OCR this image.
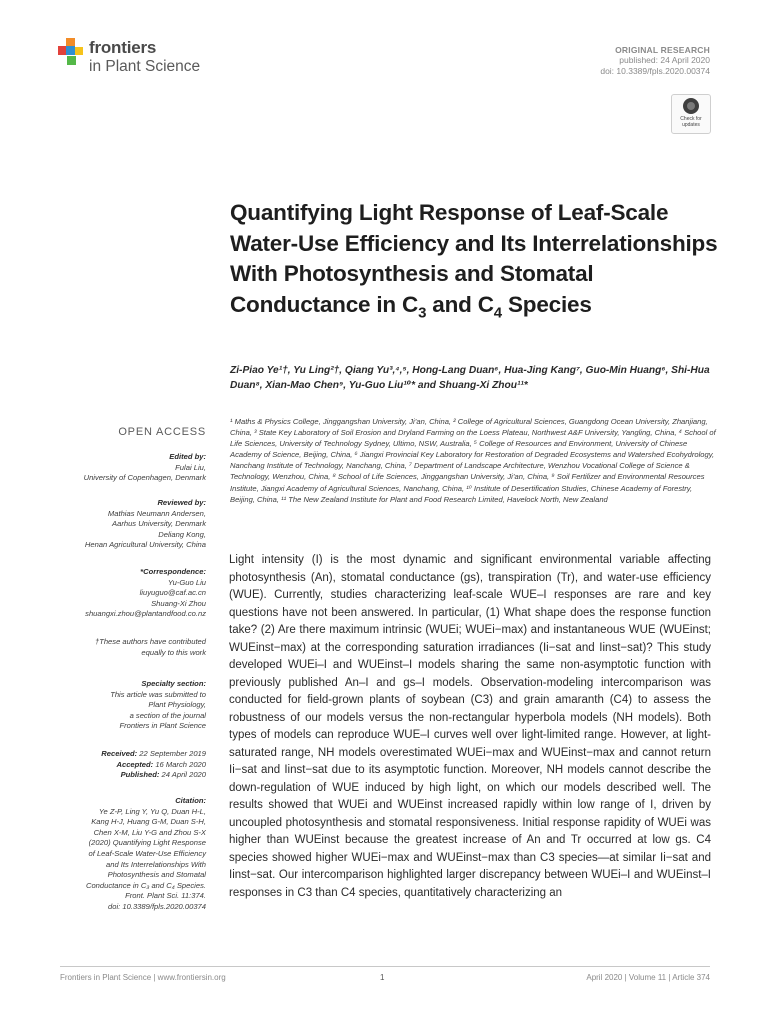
frontiers
in Plant Science
ORIGINAL RESEARCH
published: 24 April 2020
doi: 10.3389/fpls.2020.00374
Check for updates
Quantifying Light Response of Leaf-Scale Water-Use Efficiency and Its Interrelationships With Photosynthesis and Stomatal Conductance in $C_3$ and $C_4$ Species
Zi-Piao Ye¹†, Yu Ling²†, Qiang Yu³,⁴,⁵, Hong-Lang Duan⁶, Hua-Jing Kang⁷, Guo-Min Huang⁶, Shi-Hua Duan⁸, Xian-Mao Chen⁹, Yu-Guo Liu¹⁰* and Shuang-Xi Zhou¹¹*
¹ Maths & Physics College, Jinggangshan University, Ji’an, China, ² College of Agricultural Sciences, Guangdong Ocean University, Zhanjiang, China, ³ State Key Laboratory of Soil Erosion and Dryland Farming on the Loess Plateau, Northwest A&F University, Yangling, China, ⁴ School of Life Sciences, University of Technology Sydney, Ultimo, NSW, Australia, ⁵ College of Resources and Environment, University of Chinese Academy of Science, Beijing, China, ⁶ Jiangxi Provincial Key Laboratory for Restoration of Degraded Ecosystems and Watershed Ecohydrology, Nanchang Institute of Technology, Nanchang, China, ⁷ Department of Landscape Architecture, Wenzhou Vocational College of Science & Technology, Wenzhou, China, ⁸ School of Life Sciences, Jinggangshan University, Ji’an, China, ⁹ Soil Fertilizer and Environmental Resources Institute, Jiangxi Academy of Agricultural Sciences, Nanchang, China, ¹⁰ Institute of Desertification Studies, Chinese Academy of Forestry, Beijing, China, ¹¹ The New Zealand Institute for Plant and Food Research Limited, Havelock North, New Zealand
OPEN ACCESS
Edited by:
Fulai Liu,
University of Copenhagen, Denmark
Reviewed by:
Mathias Neumann Andersen,
Aarhus University, Denmark
Deliang Kong,
Henan Agricultural University, China
*Correspondence:
Yu-Guo Liu
liuyuguo@caf.ac.cn
Shuang-Xi Zhou
shuangxi.zhou@plantandfood.co.nz
†These authors have contributed
equally to this work
Specialty section:
This article was submitted to
Plant Physiology,
a section of the journal
Frontiers in Plant Science
Received: 22 September 2019
Accepted: 16 March 2020
Published: 24 April 2020
Citation:
Ye Z-P, Ling Y, Yu Q, Duan H-L,
Kang H-J, Huang G-M, Duan S-H,
Chen X-M, Liu Y-G and Zhou S-X
(2020) Quantifying Light Response
of Leaf-Scale Water-Use Efficiency
and Its Interrelationships With
Photosynthesis and Stomatal
Conductance in C₃ and C₄ Species.
Front. Plant Sci. 11:374.
doi: 10.3389/fpls.2020.00374

Light intensity (I) is the most dynamic and significant environmental variable affecting photosynthesis (An), stomatal conductance (gs), transpiration (Tr), and water-use efficiency (WUE). Currently, studies characterizing leaf-scale WUE–I responses are rare and key questions have not been answered. In particular, (1) What shape does the response function take? (2) Are there maximum intrinsic (WUEi; WUEi−max) and instantaneous WUE (WUEinst; WUEinst−max) at the corresponding saturation irradiances (Ii−sat and Iinst−sat)? This study developed WUEi–I and WUEinst–I models sharing the same non-asymptotic function with previously published An–I and gs–I models. Observation-modeling intercomparison was conducted for field-grown plants of soybean (C3) and grain amaranth (C4) to assess the robustness of our models versus the non-rectangular hyperbola models (NH models). Both types of models can reproduce WUE–I curves well over light-limited range. However, at light-saturated range, NH models overestimated WUEi−max and WUEinst−max and cannot return Ii−sat and Iinst−sat due to its asymptotic function. Moreover, NH models cannot describe the down-regulation of WUE induced by high light, on which our models described well. The results showed that WUEi and WUEinst increased rapidly within low range of I, driven by uncoupled photosynthesis and stomatal responsiveness. Initial response rapidity of WUEi was higher than WUEinst because the greatest increase of An and Tr occurred at low gs. C4 species showed higher WUEi−max and WUEinst−max than C3 species—at similar Ii−sat and Iinst−sat. Our intercomparison highlighted larger discrepancy between WUEi–I and WUEinst–I responses in C3 than C4 species, quantitatively characterizing an

Frontiers in Plant Science | www.frontiersin.org	1	April 2020 | Volume 11 | Article 374
